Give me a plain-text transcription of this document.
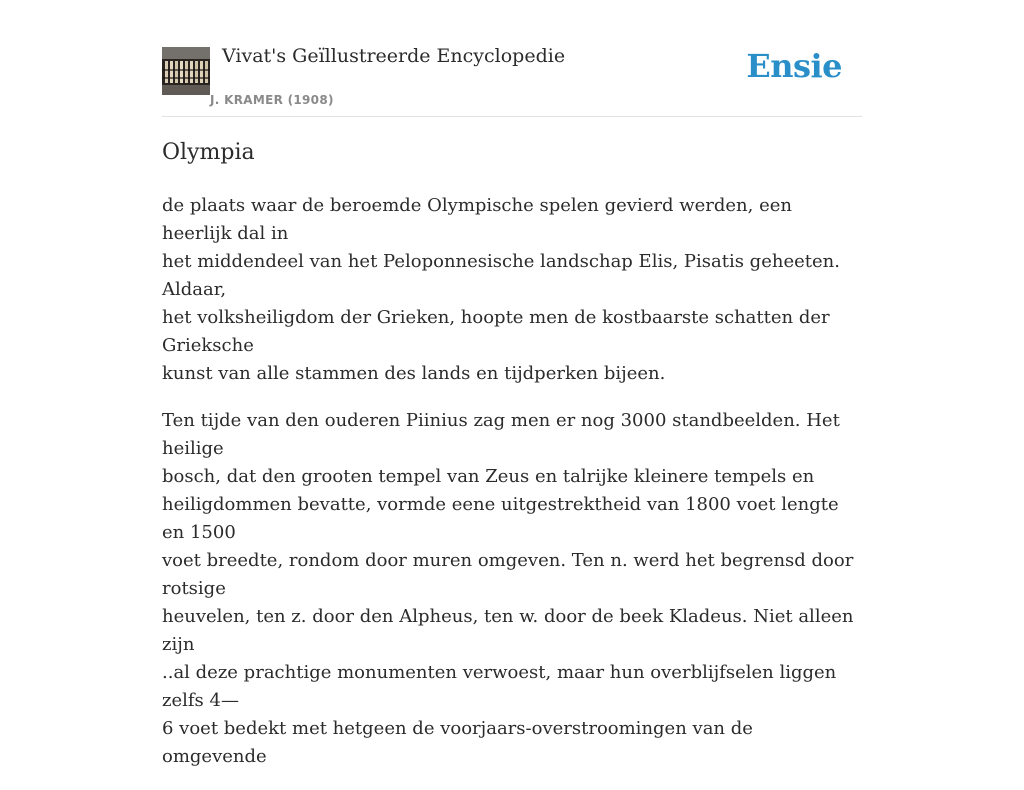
Vivat's Geïllustreerde Encyclopedie
J. KRAMER (1908)
Ensie
Olympia

de plaats waar de beroemde Olympische spelen gevierd werden, een heerlijk dal in
het middendeel van het Peloponnesische landschap Elis, Pisatis geheeten. Aldaar,
het volksheiligdom der Grieken, hoopte men de kostbaarste schatten der Grieksche
kunst van alle stammen des lands en tijdperken bijeen.

Ten tijde van den ouderen Piinius zag men er nog 3000 standbeelden. Het heilige
bosch, dat den grooten tempel van Zeus en talrijke kleinere tempels en
heiligdommen bevatte, vormde eene uitgestrektheid van 1800 voet lengte en 1500
voet breedte, rondom door muren omgeven. Ten n. werd het begrensd door rotsige
heuvelen, ten z. door den Alpheus, ten w. door de beek Kladeus. Niet alleen zijn
..al deze prachtige monumenten verwoest, maar hun overblijfselen liggen zelfs 4—
6 voet bedekt met hetgeen de voorjaars-overstroomingen van de omgevende
